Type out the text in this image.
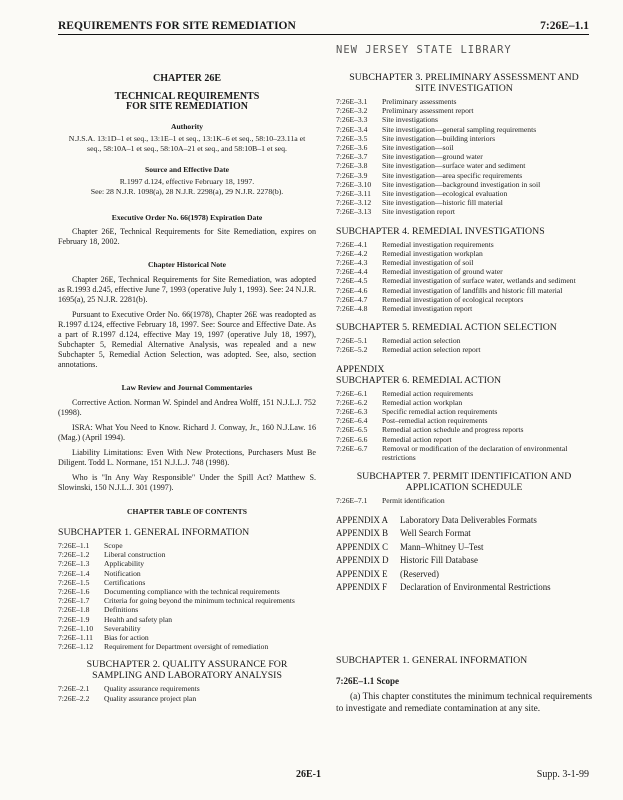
REQUIREMENTS FOR SITE REMEDIATION	7:26E–1.1
CHAPTER 26E
TECHNICAL REQUIREMENTS
FOR SITE REMEDIATION
Authority
N.J.S.A. 13:1D–1 et seq., 13:1E–1 et seq., 13:1K–6 et seq., 58:10–23.11a et seq., 58:10A–1 et seq., 58:10A–21 et seq., and 58:10B–1 et seq.
Source and Effective Date
R.1997 d.124, effective February 18, 1997.
See: 28 N.J.R. 1098(a), 28 N.J.R. 2298(a), 29 N.J.R. 2278(b).
Executive Order No. 66(1978) Expiration Date

Chapter 26E, Technical Requirements for Site Remediation, expires on February 18, 2002.

Chapter Historical Note

Chapter 26E, Technical Requirements for Site Remediation, was adopted as R.1993 d.245, effective June 7, 1993 (operative July 1, 1993). See: 24 N.J.R. 1695(a), 25 N.J.R. 2281(b).

Pursuant to Executive Order No. 66(1978), Chapter 26E was readopted as R.1997 d.124, effective February 18, 1997. See: Source and Effective Date. As a part of R.1997 d.124, effective May 19, 1997 (operative July 18, 1997), Subchapter 5, Remedial Alternative Analysis, was repealed and a new Subchapter 5, Remedial Action Selection, was adopted. See, also, section annotations.

Law Review and Journal Commentaries

Corrective Action. Norman W. Spindel and Andrea Wolff, 151 N.J.L.J. 752 (1998).

ISRA: What You Need to Know. Richard J. Conway, Jr., 160 N.J.Law. 16 (Mag.) (April 1994).

Liability Limitations: Even With New Protections, Purchasers Must Be Diligent. Todd L. Normane, 151 N.J.L.J. 748 (1998).

Who is "In Any Way Responsible" Under the Spill Act? Matthew S. Slowinski, 150 N.J.L.J. 301 (1997).

CHAPTER TABLE OF CONTENTS
SUBCHAPTER 1. GENERAL INFORMATION
7:26E–1.1	Scope
7:26E–1.2	Liberal construction
7:26E–1.3	Applicability
7:26E–1.4	Notification
7:26E–1.5	Certifications
7:26E–1.6	Documenting compliance with the technical requirements
7:26E–1.7	Criteria for going beyond the minimum technical requirements
7:26E–1.8	Definitions
7:26E–1.9	Health and safety plan
7:26E–1.10	Severability
7:26E–1.11	Bias for action
7:26E–1.12	Requirement for Department oversight of remediation
SUBCHAPTER 2. QUALITY ASSURANCE FOR
SAMPLING AND LABORATORY ANALYSIS
7:26E–2.1	Quality assurance requirements
7:26E–2.2	Quality assurance project plan
NEW JERSEY STATE LIBRARY
SUBCHAPTER 3. PRELIMINARY ASSESSMENT AND
SITE INVESTIGATION
7:26E–3.1	Preliminary assessments
7:26E–3.2	Preliminary assessment report
7:26E–3.3	Site investigations
7:26E–3.4	Site investigation—general sampling requirements
7:26E–3.5	Site investigation—building interiors
7:26E–3.6	Site investigation—soil
7:26E–3.7	Site investigation—ground water
7:26E–3.8	Site investigation—surface water and sediment
7:26E–3.9	Site investigation—area specific requirements
7:26E–3.10	Site investigation—background investigation in soil
7:26E–3.11	Site investigation—ecological evaluation
7:26E–3.12	Site investigation—historic fill material
7:26E–3.13	Site investigation report
SUBCHAPTER 4. REMEDIAL INVESTIGATIONS
7:26E–4.1	Remedial investigation requirements
7:26E–4.2	Remedial investigation workplan
7:26E–4.3	Remedial investigation of soil
7:26E–4.4	Remedial investigation of ground water
7:26E–4.5	Remedial investigation of surface water, wetlands and sediment
7:26E–4.6	Remedial investigation of landfills and historic fill material
7:26E–4.7	Remedial investigation of ecological receptors
7:26E–4.8	Remedial investigation report
SUBCHAPTER 5. REMEDIAL ACTION SELECTION
7:26E–5.1	Remedial action selection
7:26E–5.2	Remedial action selection report
APPENDIX
SUBCHAPTER 6. REMEDIAL ACTION
7:26E–6.1	Remedial action requirements
7:26E–6.2	Remedial action workplan
7:26E–6.3	Specific remedial action requirements
7:26E–6.4	Post–remedial action requirements
7:26E–6.5	Remedial action schedule and progress reports
7:26E–6.6	Remedial action report
7:26E–6.7	Removal or modification of the declaration of environmental restrictions
SUBCHAPTER 7. PERMIT IDENTIFICATION AND
APPLICATION SCHEDULE
7:26E–7.1	Permit identification
APPENDIX A	Laboratory Data Deliverables Formats
APPENDIX B	Well Search Format
APPENDIX C	Mann–Whitney U–Test
APPENDIX D	Historic Fill Database
APPENDIX E	(Reserved)
APPENDIX F	Declaration of Environmental Restrictions
SUBCHAPTER 1. GENERAL INFORMATION
7:26E–1.1 Scope

(a) This chapter constitutes the minimum technical requirements to investigate and remediate contamination at any site.

26E-1	Supp. 3-1-99
